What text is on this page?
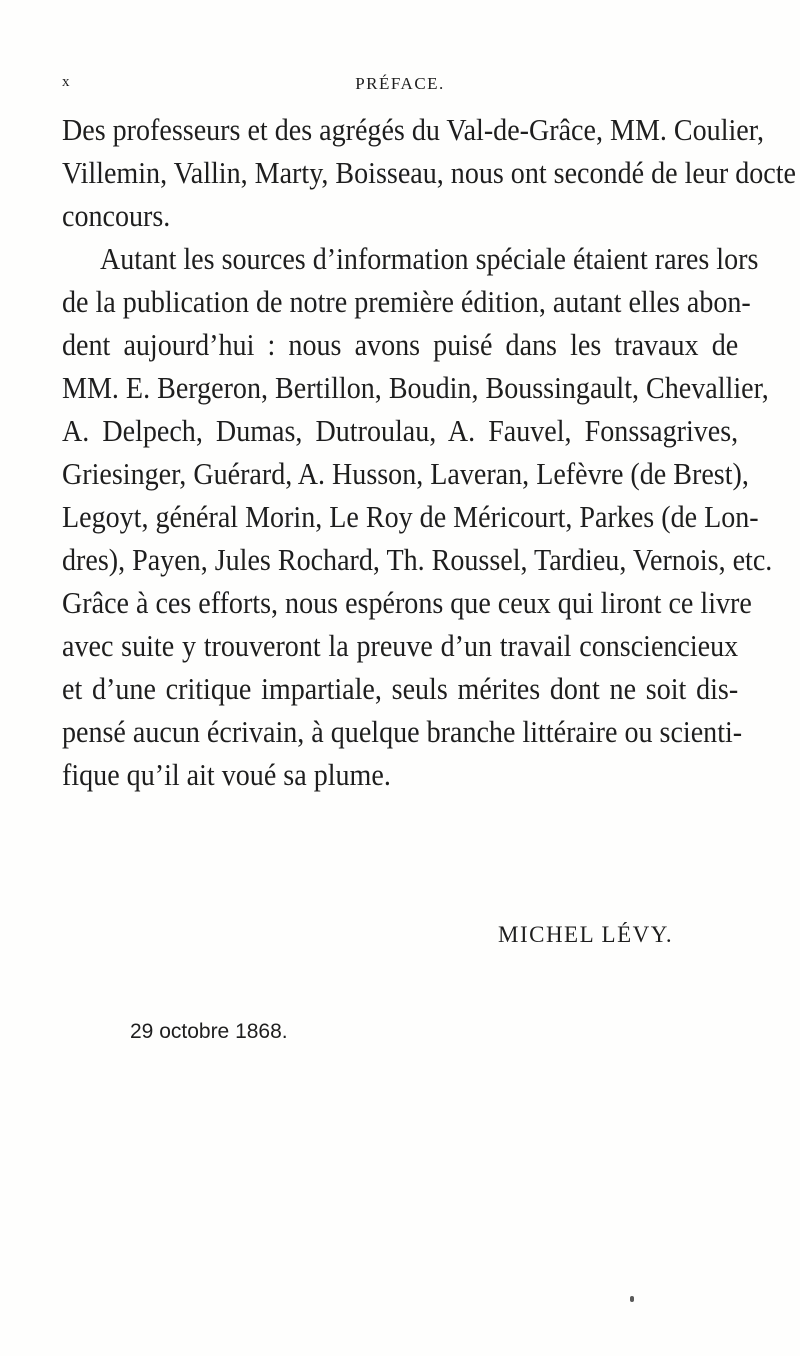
x	PRÉFACE.
Des professeurs et des agrégés du Val-de-Grâce, MM. Coulier,
Villemin, Vallin, Marty, Boisseau, nous ont secondé de leur docte
concours.
Autant les sources d’information spéciale étaient rares lors
de la publication de notre première édition, autant elles abon-
dent aujourd’hui : nous avons puisé dans les travaux de
MM. E. Bergeron, Bertillon, Boudin, Boussingault, Chevallier,
A. Delpech, Dumas, Dutroulau, A. Fauvel, Fonssagrives,
Griesinger, Guérard, A. Husson, Laveran, Lefèvre (de Brest),
Legoyt, général Morin, Le Roy de Méricourt, Parkes (de Lon-
dres), Payen, Jules Rochard, Th. Roussel, Tardieu, Vernois, etc.
Grâce à ces efforts, nous espérons que ceux qui liront ce livre
avec suite y trouveront la preuve d’un travail consciencieux
et d’une critique impartiale, seuls mérites dont ne soit dis-
pensé aucun écrivain, à quelque branche littéraire ou scienti-
fique qu’il ait voué sa plume.
MICHEL LÉVY.
29 octobre 1868.
